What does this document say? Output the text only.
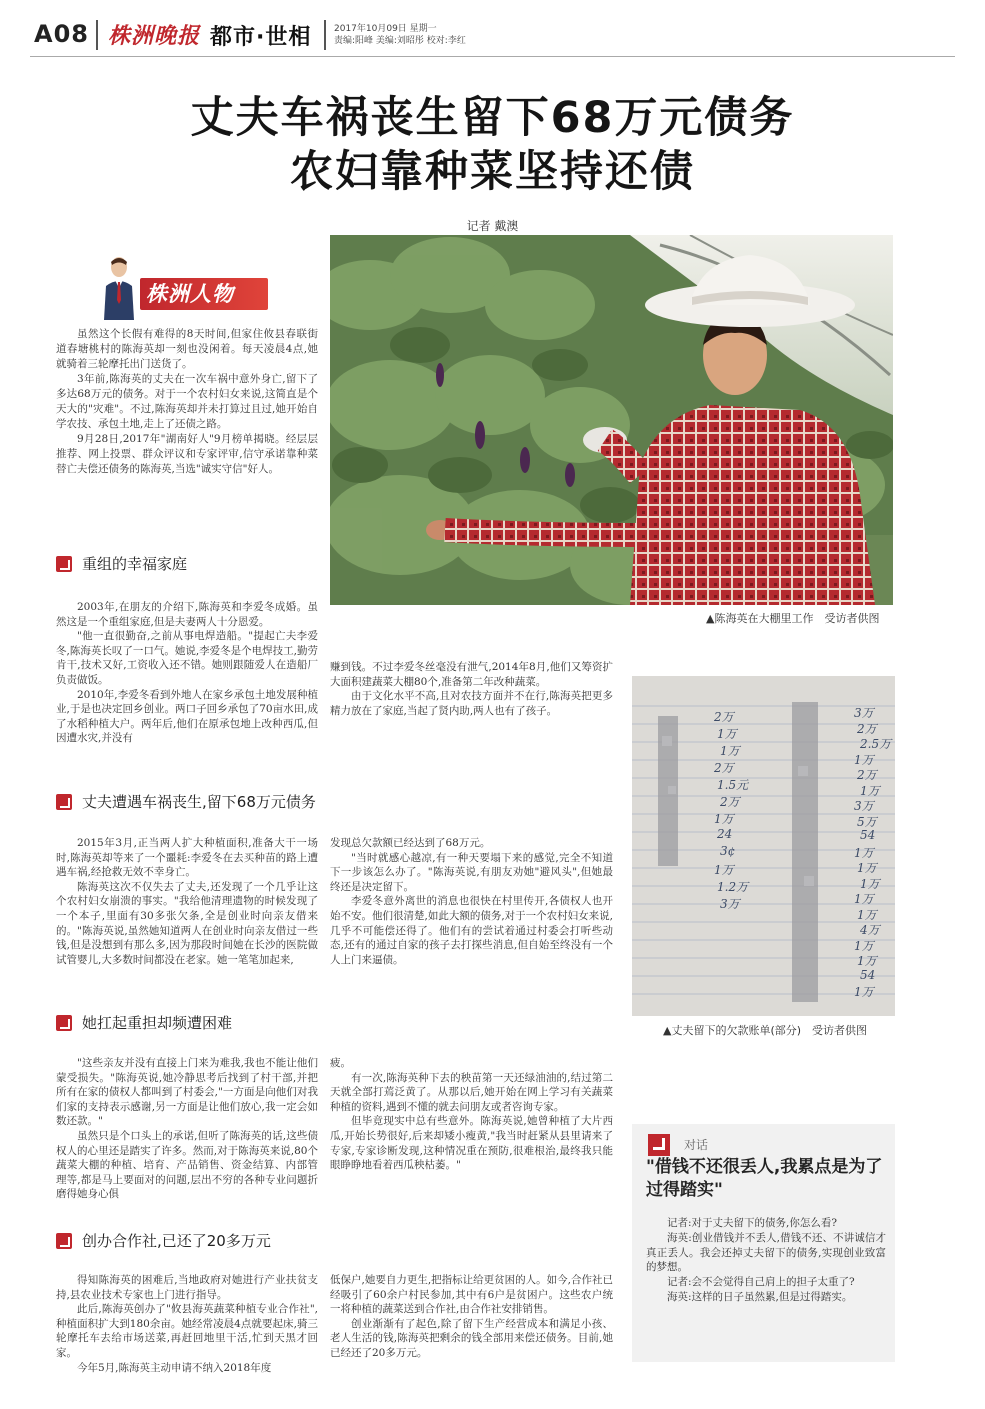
A08 株洲晚报 都市·世相	2017年10月09日 星期一
责编:阳峰 美编:刘昭彤 校对:李红
丈夫车祸丧生留下68万元债务
农妇靠种菜坚持还债
记者 戴澳
株洲人物

虽然这个长假有难得的8天时间,但家住攸县春联街道春塘桃村的陈海英却一刻也没闲着。每天凌晨4点,她就骑着三轮摩托出门送货了。

3年前,陈海英的丈夫在一次车祸中意外身亡,留下了多达68万元的债务。对于一个农村妇女来说,这简直是个天大的"灾难"。不过,陈海英却并未打算过且过,她开始自学农技、承包土地,走上了还债之路。

9月28日,2017年"湖南好人"9月榜单揭晓。经层层推荐、网上投票、群众评议和专家评审,信守承诺靠种菜替亡夫偿还债务的陈海英,当选"诚实守信"好人。

▲陈海英在大棚里工作　受访者供图
重组的幸福家庭

2003年,在朋友的介绍下,陈海英和李爱冬成婚。虽然这是一个重组家庭,但是夫妻两人十分恩爱。

"他一直很勤奋,之前从事电焊造船。"提起亡夫李爱冬,陈海英长叹了一口气。她说,李爱冬是个电焊技工,勤劳肯干,技术又好,工资收入还不错。她则跟随爱人在造船厂负责做饭。

2010年,李爱冬看到外地人在家乡承包土地发展种植业,于是也决定回乡创业。两口子回乡承包了70亩水田,成了水稻种植大户。两年后,他们在原承包地上改种西瓜,但因遭水灾,并没有

赚到钱。不过李爱冬丝毫没有泄气,2014年8月,他们又筹资扩大面积建蔬菜大棚80个,准备第二年改种蔬菜。

由于文化水平不高,且对农技方面并不在行,陈海英把更多精力放在了家庭,当起了贤内助,两人也有了孩子。	2万
1万
1万
2万
1.5元
2万
1万
24
3¢
1万
1.2万
3万
3万
2万
2.5万
1万
2万
1万
3万
5万
54
1万
1万
1万
1万
1万
4万
1万
1万
54
1万
▲丈夫留下的欠款账单(部分)　受访者供图
丈夫遭遇车祸丧生,留下68万元债务

2015年3月,正当两人扩大种植面积,准备大干一场时,陈海英却等来了一个噩耗:李爱冬在去买种苗的路上遭遇车祸,经抢救无效不幸身亡。

陈海英这次不仅失去了丈夫,还发现了一个几乎让这个农村妇女崩溃的事实。"我给他清理遗物的时候发现了一个本子,里面有30多张欠条,全是创业时向亲友借来的。"陈海英说,虽然她知道两人在创业时向亲友借过一些钱,但是没想到有那么多,因为那段时间她在长沙的医院做试管婴儿,大多数时间都没在老家。她一笔笔加起来,

发现总欠款额已经达到了68万元。

"当时就感心越凉,有一种天要塌下来的感觉,完全不知道下一步该怎么办了。"陈海英说,有朋友劝她"避风头",但她最终还是决定留下。

李爱冬意外离世的消息也很快在村里传开,各债权人也开始不安。他们很清楚,如此大额的债务,对于一个农村妇女来说,几乎不可能偿还得了。他们有的尝试着通过村委会打听些动态,还有的通过自家的孩子去打探些消息,但自始至终没有一个人上门来逼债。

她扛起重担却频遭困难

"这些亲友并没有直接上门来为难我,我也不能让他们蒙受损失。"陈海英说,她冷静思考后找到了村干部,并把所有在家的债权人都叫到了村委会,"一方面是向他们对我们家的支持表示感谢,另一方面是让他们放心,我一定会如数还款。"

虽然只是个口头上的承诺,但听了陈海英的话,这些债权人的心里还是踏实了许多。然而,对于陈海英来说,80个蔬菜大棚的种植、培育、产品销售、资金结算、内部管理等,都是马上要面对的问题,层出不穷的各种专业问题折磨得她身心俱

疲。

有一次,陈海英种下去的秧苗第一天还绿油油的,结过第二天就全部打蔫泛黄了。从那以后,她开始在网上学习有关蔬菜种植的资料,遇到不懂的就去问朋友或者咨询专家。

但毕竟现实中总有些意外。陈海英说,她曾种植了大片西瓜,开始长势很好,后来却矮小瘦黄,"我当时赶紧从县里请来了专家,专家诊断发现,这种情况重在预防,很难根治,最终我只能眼睁睁地看着西瓜秧枯萎。"

创办合作社,已还了20多万元

得知陈海英的困难后,当地政府对她进行产业扶贫支持,县农业技术专家也上门进行指导。

此后,陈海英创办了"攸县海英蔬菜种植专业合作社",种植面积扩大到180余亩。她经常凌晨4点就要起床,骑三轮摩托车去给市场送菜,再赶回地里干活,忙到天黑才回家。

今年5月,陈海英主动申请不纳入2018年度

低保户,她要自力更生,把指标让给更贫困的人。如今,合作社已经吸引了60余户村民参加,其中有6户是贫困户。这些农户统一将种植的蔬菜送到合作社,由合作社安排销售。

创业渐渐有了起色,除了留下生产经营成本和满足小孩、老人生活的钱,陈海英把剩余的钱全部用来偿还债务。目前,她已经还了20多万元。

对话
"借钱不还很丢人,我累点是为了过得踏实"

记者:对于丈夫留下的债务,你怎么看?

海英:创业借钱并不丢人,借钱不还、不讲诚信才真正丢人。我会还掉丈夫留下的债务,实现创业致富的梦想。

记者:会不会觉得自己肩上的担子太重了?

海英:这样的日子虽然累,但是过得踏实。
